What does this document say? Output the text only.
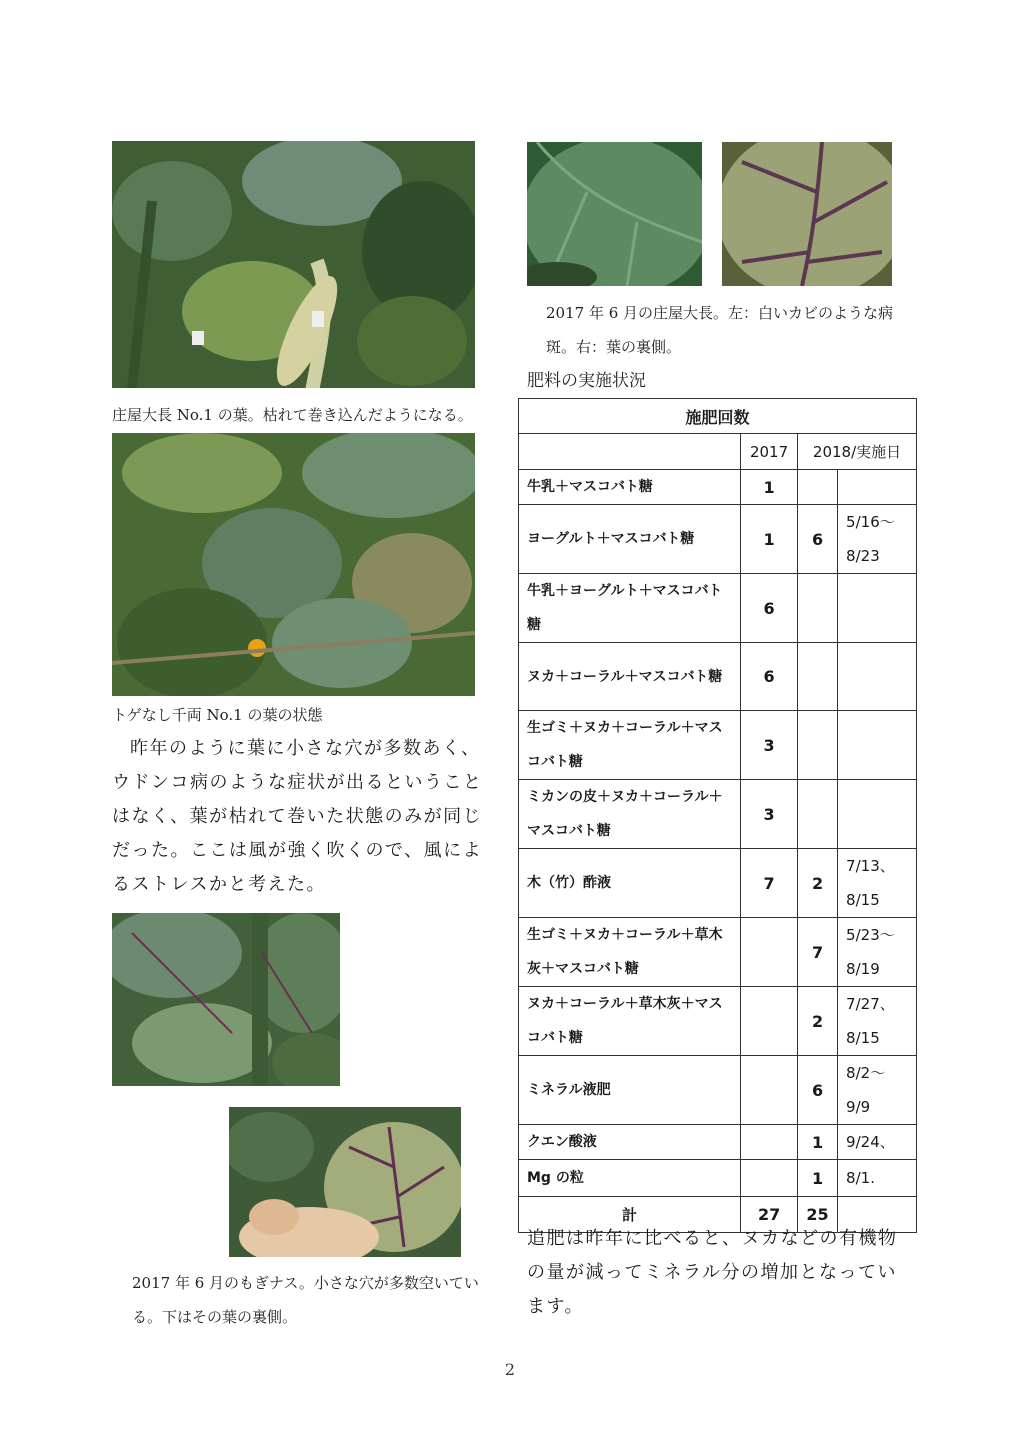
庄屋大長 No.1 の葉。枯れて巻き込んだようになる。
トゲなし千両 No.1 の葉の状態
昨年のように葉に小さな穴が多数あく、ウドンコ病のような症状が出るということはなく、葉が枯れて巻いた状態のみが同じだった。ここは風が強く吹くので、風によるストレスかと考えた。
2017 年 6 月のもぎナス。小さな穴が多数空いている。下はその葉の裏側。
2017 年 6 月の庄屋大長。左：白いカビのような病斑。右：葉の裏側。
肥料の実施状況
施肥回数			
	2017	2018/実施日	
牛乳＋マスコバト糖	1		
ヨーグルト＋マスコバト糖	1	6	5/16〜
8/23
牛乳＋ヨーグルト＋マスコバト糖	6		
ヌカ＋コーラル＋マスコバト糖	6		
生ゴミ＋ヌカ＋コーラル＋マスコバト糖	3		
ミカンの皮＋ヌカ＋コーラル＋マスコバト糖	3		
木（竹）酢液	7	2	7/13、
8/15
生ゴミ＋ヌカ＋コーラル＋草木灰＋マスコバト糖		7	5/23〜
8/19
ヌカ＋コーラル＋草木灰＋マスコバト糖		2	7/27、
8/15
ミネラル液肥		6	8/2〜
9/9
クエン酸液		1	9/24、
Mg の粒		1	8/1.
計	27	25	
追肥は昨年に比べると、ヌカなどの有機物の量が減ってミネラル分の増加となっています。
2
